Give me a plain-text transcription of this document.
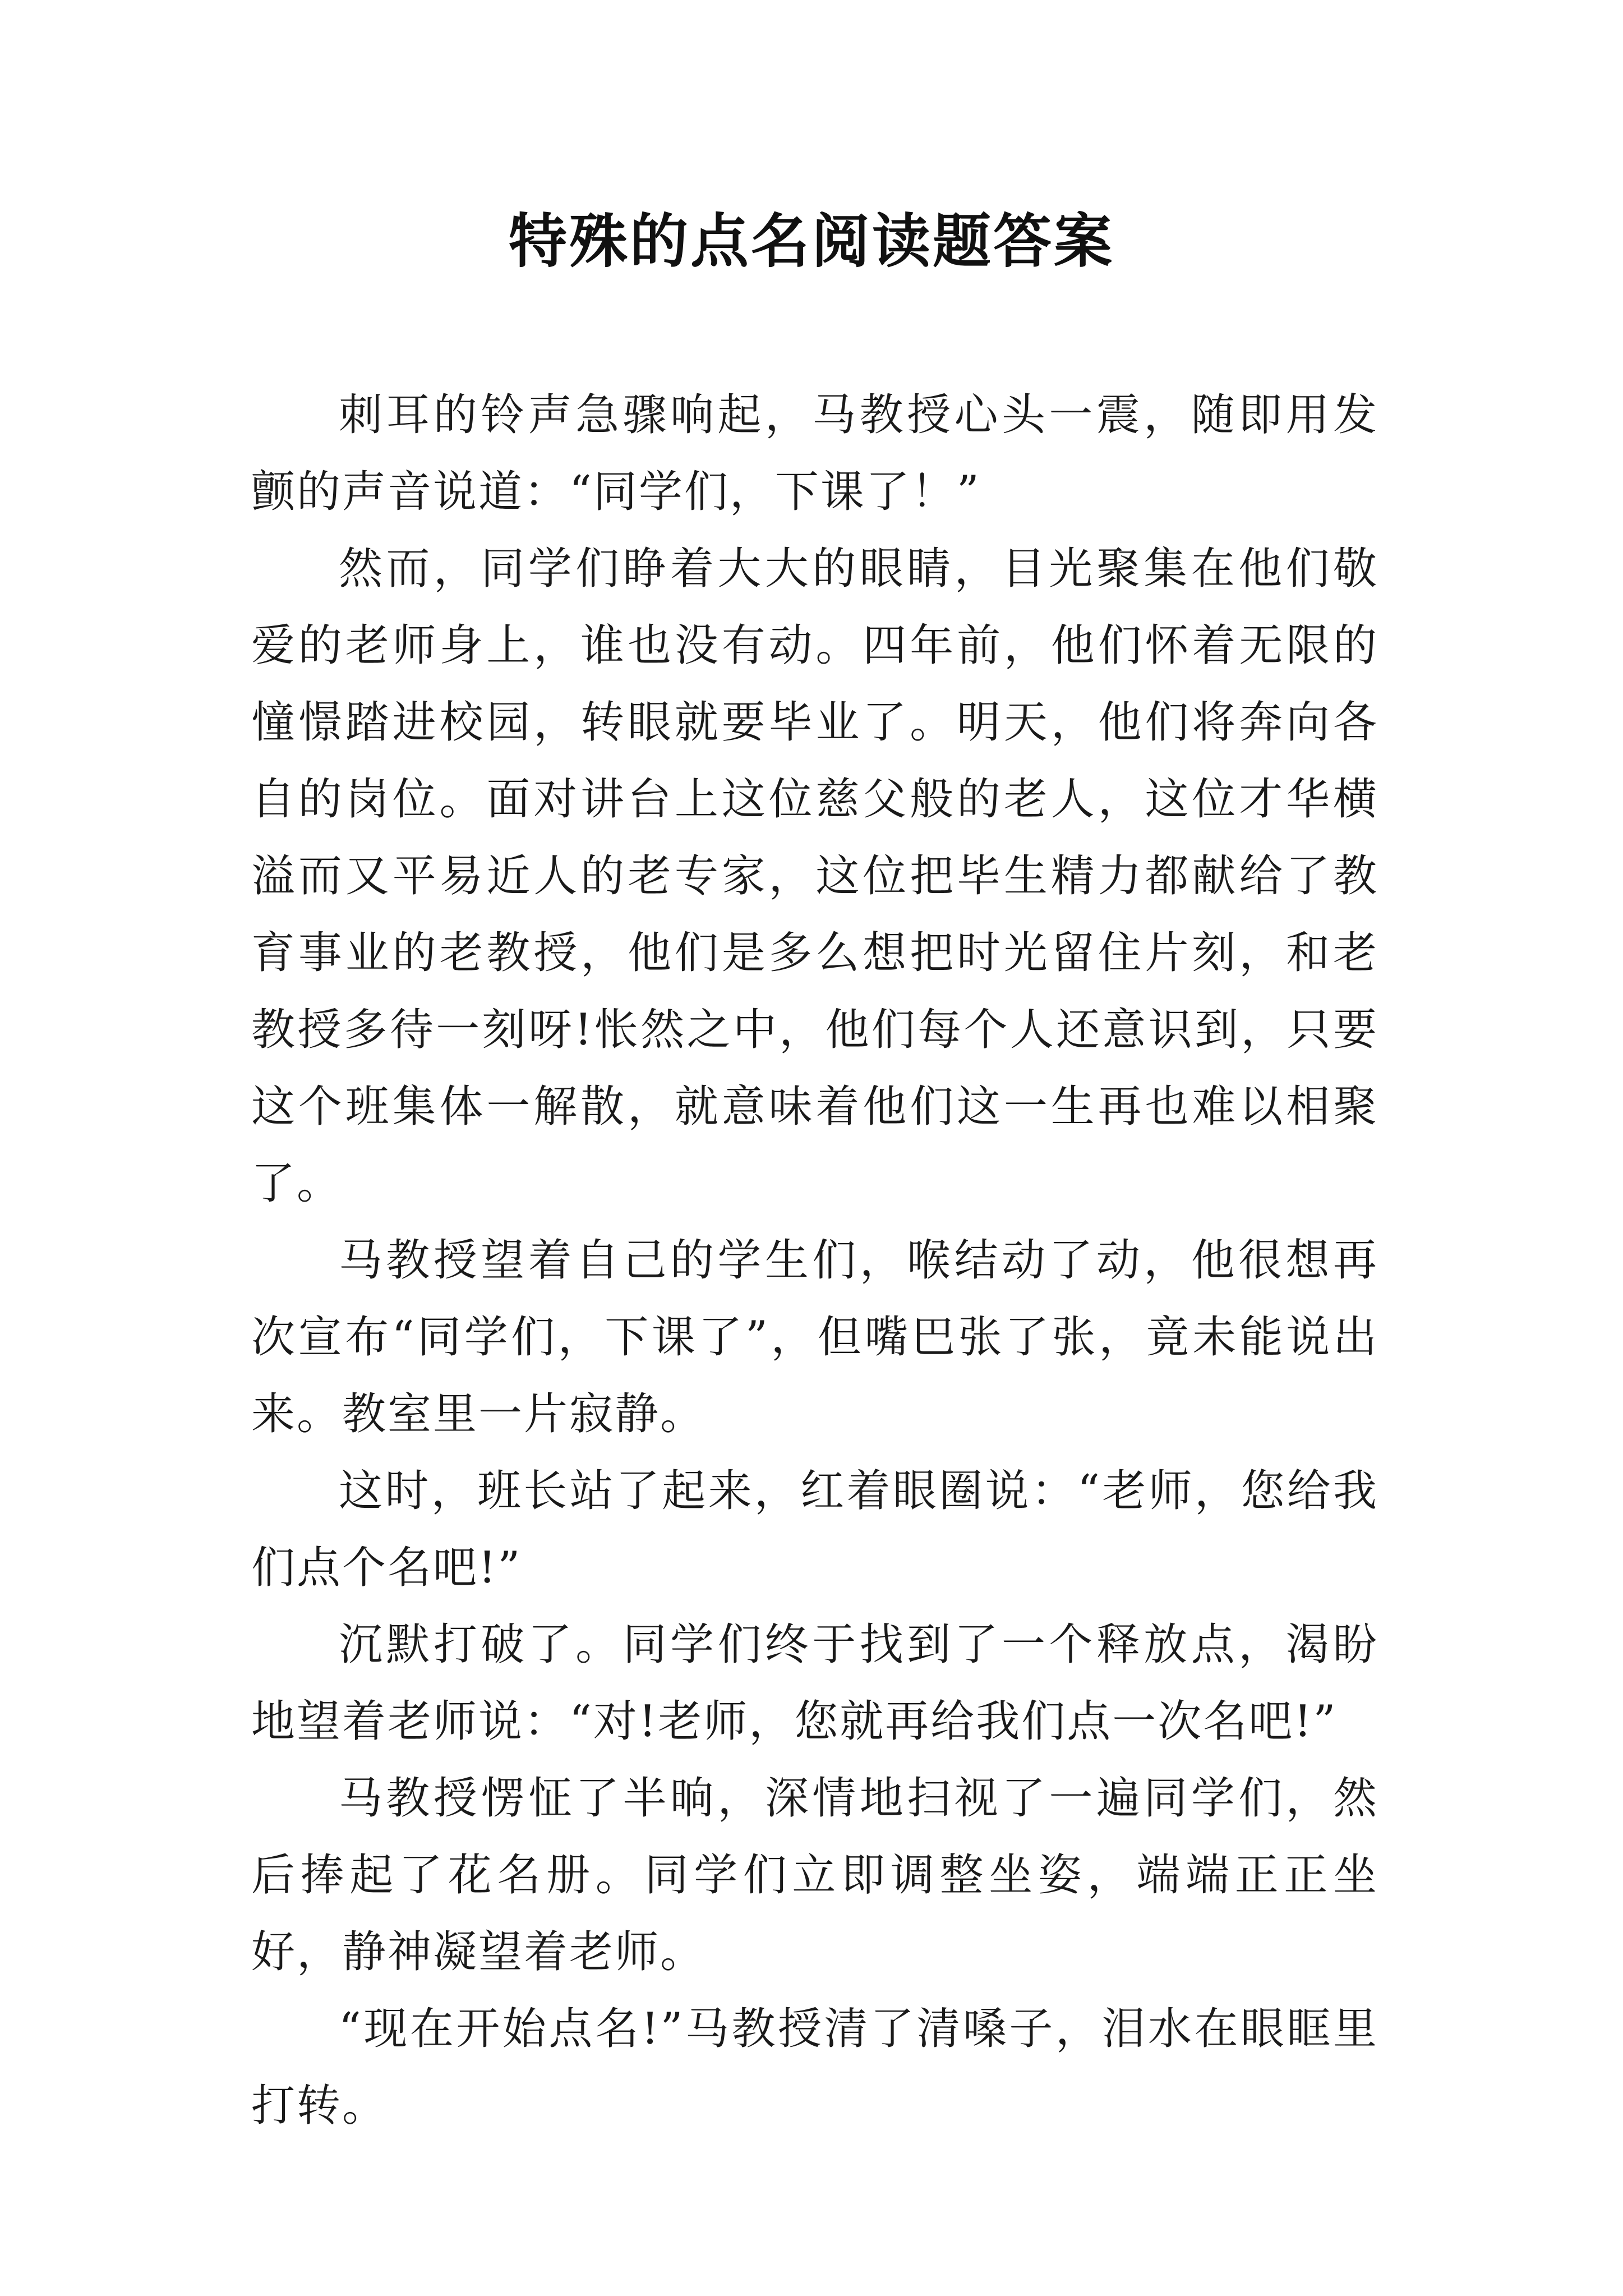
特殊的点名阅读题答案

刺耳的铃声急骤响起，马教授心头一震，随即用发颤的声音说道：“同学们，下课了！”

然而，同学们睁着大大的眼睛，目光聚集在他们敬爱的老师身上，谁也没有动。四年前，他们怀着无限的憧憬踏进校园，转眼就要毕业了。明天，他们将奔向各自的岗位。面对讲台上这位慈父般的老人，这位才华横溢而又平易近人的老专家，这位把毕生精力都献给了教育事业的老教授，他们是多么想把时光留住片刻，和老教授多待一刻呀!怅然之中，他们每个人还意识到，只要这个班集体一解散，就意味着他们这一生再也难以相聚了。

马教授望着自己的学生们，喉结动了动，他很想再次宣布“同学们，下课了”，但嘴巴张了张，竟未能说出来。教室里一片寂静。

这时，班长站了起来，红着眼圈说：“老师，您给我们点个名吧!”

沉默打破了。同学们终于找到了一个释放点，渴盼地望着老师说：“对!老师，您就再给我们点一次名吧!”

马教授愣怔了半晌，深情地扫视了一遍同学们，然后捧起了花名册。同学们立即调整坐姿，端端正正坐好，静神凝望着老师。

“现在开始点名!”马教授清了清嗓子，泪水在眼眶里打转。
